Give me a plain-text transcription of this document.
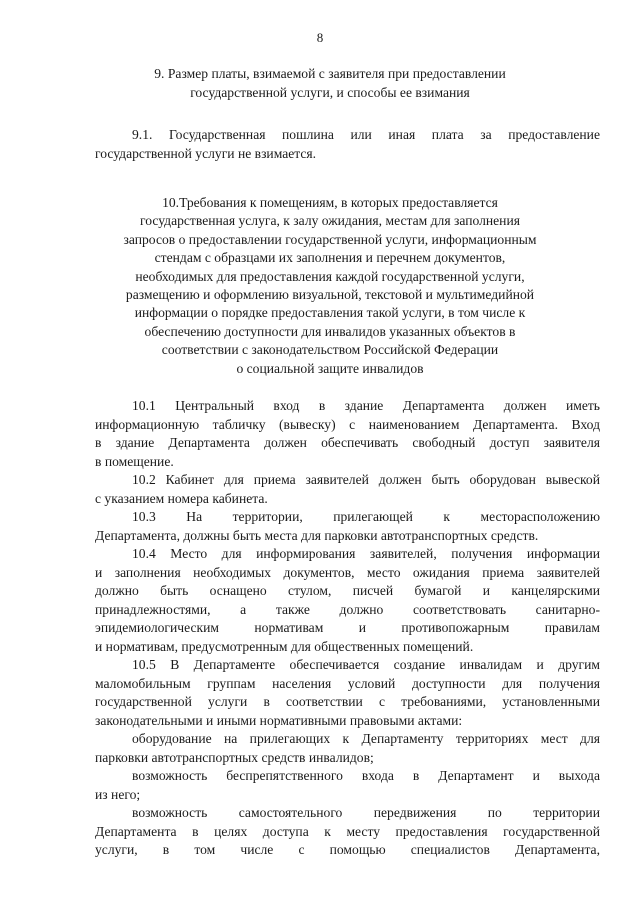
8
9. Размер платы, взимаемой с заявителя при предоставлении
государственной услуги, и способы ее взимания
9.1. Государственная пошлина или иная плата за предоставление
государственной услуги не взимается.
10.Требования к помещениям, в которых предоставляется
государственная услуга, к залу ожидания, местам для заполнения
запросов о предоставлении государственной услуги, информационным
стендам с образцами их заполнения и перечнем документов,
необходимых для предоставления каждой государственной услуги,
размещению и оформлению визуальной, текстовой и мультимедийной
информации о порядке предоставления такой услуги, в том числе к
обеспечению доступности для инвалидов указанных объектов в
соответствии с законодательством Российской Федерации
о социальной защите инвалидов
10.1 Центральный вход в здание Департамента должен иметь
информационную табличку (вывеску) с наименованием Департамента. Вход
в здание Департамента должен обеспечивать свободный доступ заявителя
в помещение.
10.2 Кабинет для приема заявителей должен быть оборудован вывеской
с указанием номера кабинета.
10.3 На территории, прилегающей к месторасположению
Департамента, должны быть места для парковки автотранспортных средств.
10.4 Место для информирования заявителей, получения информации
и заполнения необходимых документов, место ожидания приема заявителей
должно быть оснащено стулом, писчей бумагой и канцелярскими
принадлежностями, а также должно соответствовать санитарно-
эпидемиологическим нормативам и противопожарным правилам
и нормативам, предусмотренным для общественных помещений.
10.5 В Департаменте обеспечивается создание инвалидам и другим
маломобильным группам населения условий доступности для получения
государственной услуги в соответствии с требованиями, установленными
законодательными и иными нормативными правовыми актами:
оборудование на прилегающих к Департаменту территориях мест для
парковки автотранспортных средств инвалидов;
возможность беспрепятственного входа в Департамент и выхода
из него;
возможность самостоятельного передвижения по территории
Департамента в целях доступа к месту предоставления государственной
услуги, в том числе с помощью специалистов Департамента,
